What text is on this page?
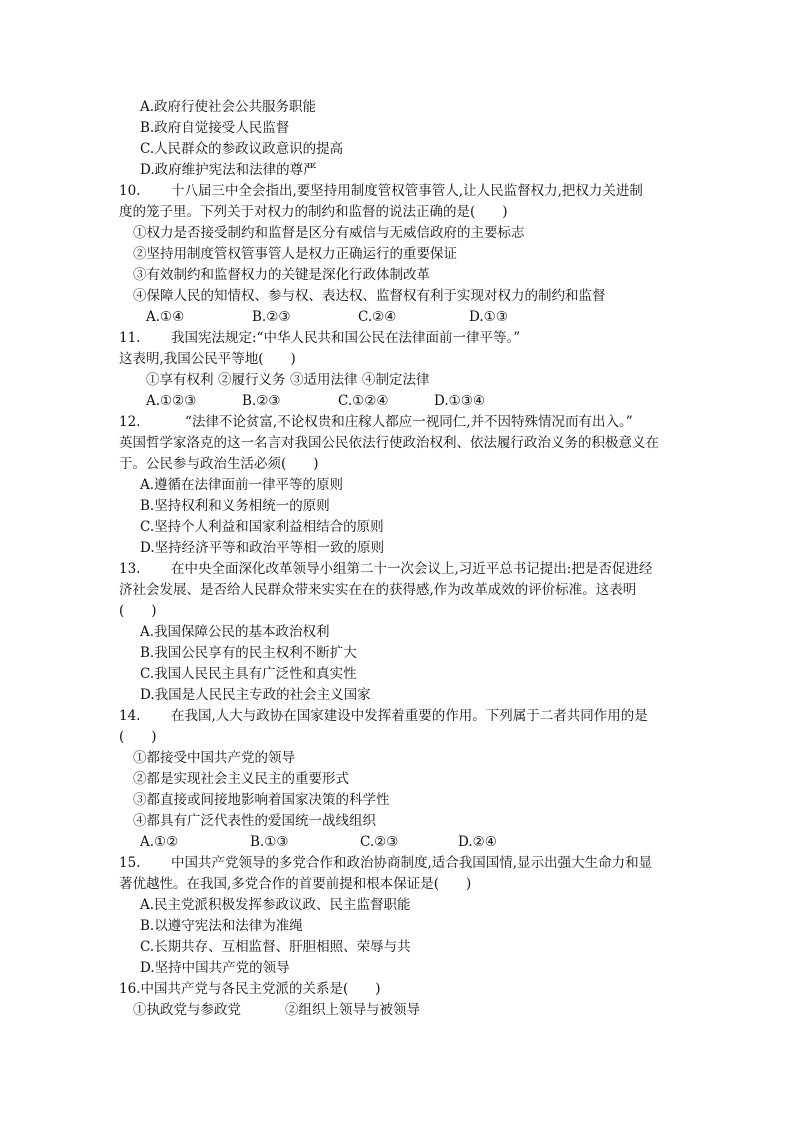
A.政府行使社会公共服务职能
B.政府自觉接受人民监督
C.人民群众的参政议政意识的提高
D.政府维护宪法和法律的尊严
10. 十八届三中全会指出,要坚持用制度管权管事管人,让人民监督权力,把权力关进制
度的笼子里。下列关于对权力的制约和监督的说法正确的是(　　)
①权力是否接受制约和监督是区分有威信与无威信政府的主要标志
②坚持用制度管权管事管人是权力正确运行的重要保证
③有效制约和监督权力的关键是深化行政体制改革
④保障人民的知情权、参与权、表达权、监督权有利于实现对权力的制约和监督
A.①④	B.②③	C.②④	D.①③
11. 我国宪法规定:“中华人民共和国公民在法律面前一律平等。”
这表明,我国公民平等地(　　)
①享有权利 ②履行义务 ③适用法律 ④制定法律
A.①②③	B.②③	C.①②④	D.①③④
12.	“法律不论贫富,不论权贵和庄稼人都应一视同仁,并不因特殊情况而有出入。”
英国哲学家洛克的这一名言对我国公民依法行使政治权利、依法履行政治义务的积极意义在
于。公民参与政治生活必须(　　)
A.遵循在法律面前一律平等的原则
B.坚持权利和义务相统一的原则
C.坚持个人利益和国家利益相结合的原则
D.坚持经济平等和政治平等相一致的原则
13. 在中央全面深化改革领导小组第二十一次会议上,习近平总书记提出:把是否促进经
济社会发展、是否给人民群众带来实实在在的获得感,作为改革成效的评价标准。这表明
(　　)
A.我国保障公民的基本政治权利
B.我国公民享有的民主权利不断扩大
C.我国人民民主具有广泛性和真实性
D.我国是人民民主专政的社会主义国家
14. 在我国,人大与政协在国家建设中发挥着重要的作用。下列属于二者共同作用的是
(　　)
①都接受中国共产党的领导
②都是实现社会主义民主的重要形式
③都直接或间接地影响着国家决策的科学性
④都具有广泛代表性的爱国统一战线组织
A.①②	B.①③	C.②③	D.②④
15. 中国共产党领导的多党合作和政治协商制度,适合我国国情,显示出强大生命力和显
著优越性。在我国,多党合作的首要前提和根本保证是(　　)
A.民主党派积极发挥参政议政、民主监督职能
B.以遵守宪法和法律为准绳
C.长期共存、互相监督、肝胆相照、荣辱与共
D.坚持中国共产党的领导
16.中国共产党与各民主党派的关系是(　　)
①执政党与参政党	②组织上领导与被领导
